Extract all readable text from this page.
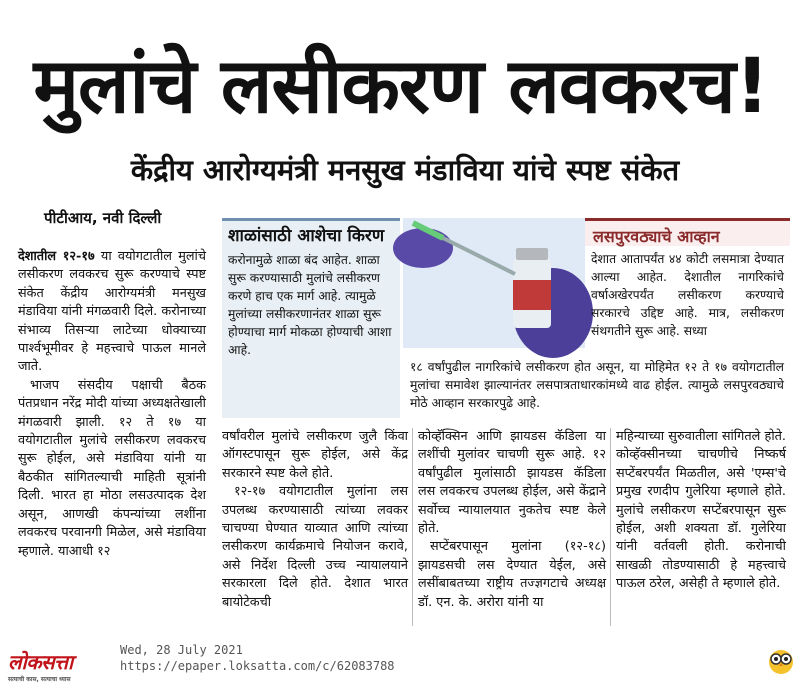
मुलांचे लसीकरण लवकरच!
केंद्रीय आरोग्यमंत्री मनसुख मंडाविया यांचे स्पष्ट संकेत
पीटीआय, नवी दिल्ली

देशातील १२-१७ या वयोगटातील मुलांचे लसीकरण लवकरच सुरू करण्याचे स्पष्ट संकेत केंद्रीय आरोग्यमंत्री मनसुख मंडाविया यांनी मंगळवारी दिले. करोनाच्या संभाव्य तिसऱ्या लाटेच्या धोक्याच्या पार्श्वभूमीवर हे महत्त्वाचे पाऊल मानले जाते.

भाजप संसदीय पक्षाची बैठक पंतप्रधान नरेंद्र मोदी यांच्या अध्यक्षतेखाली मंगळवारी झाली. १२ ते १७ या वयोगटातील मुलांचे लसीकरण लवकरच सुरू होईल, असे मंडाविया यांनी या बैठकीत सांगितल्याची माहिती सूत्रांनी दिली. भारत हा मोठा लसउत्पादक देश असून, आणखी कंपन्यांच्या लशींना लवकरच परवानगी मिळेल, असे मंडाविया म्हणाले. याआधी १२

शाळांसाठी आशेचा किरण
करोनामुळे शाळा बंद आहेत. शाळा सुरू करण्यासाठी मुलांचे लसीकरण करणे हाच एक मार्ग आहे. त्यामुळे मुलांच्या लसीकरणानंतर शाळा सुरू होण्याचा मार्ग मोकळा होण्याची आशा आहे.
लसपुरवठ्याचे आव्हान
देशात आतापर्यंत ४४ कोटी लसमात्रा देण्यात आल्या आहेत. देशातील नागरिकांचे वर्षाअखेरपर्यंत लसीकरण करण्याचे सरकारचे उद्दिष्ट आहे. मात्र, लसीकरण संथगतीने सुरू आहे. सध्या
१८ वर्षांपुढील नागरिकांचे लसीकरण होत असून, या मोहिमेत १२ ते १७ वयोगटातील मुलांचा समावेश झाल्यानंतर लसपात्रताधारकांमध्ये वाढ होईल. त्यामुळे लसपुरवठ्याचे मोठे आव्हान सरकारपुढे आहे.

वर्षांवरील मुलांचे लसीकरण जुलै किंवा ऑगस्टपासून सुरू होईल, असे केंद्र सरकारने स्पष्ट केले होते.

१२-१७ वयोगटातील मुलांना लस उपलब्ध करण्यासाठी त्यांच्या लवकर चाचण्या घेण्यात याव्यात आणि त्यांच्या लसीकरण कार्यक्रमाचे नियोजन करावे, असे निर्देश दिल्ली उच्च न्यायालयाने सरकारला दिले होते. देशात भारत बायोटेकची

कोव्हॅक्सिन आणि झायडस कॅडिला या लशींची मुलांवर चाचणी सुरू आहे. १२ वर्षांपुढील मुलांसाठी झायडस कॅडिला लस लवकरच उपलब्ध होईल, असे केंद्राने सर्वोच्च न्यायालयात नुकतेच स्पष्ट केले होते.

सप्टेंबरपासून मुलांना (१२-१८) झायडसची लस देण्यात येईल, असे लसींबाबतच्या राष्ट्रीय तज्ज्ञगटाचे अध्यक्ष डॉ. एन. के. अरोरा यांनी या

महिन्याच्या सुरुवातीला सांगितले होते. कोव्हॅक्सीनच्या चाचणीचे निष्कर्ष सप्टेंबरपर्यंत मिळतील, असे 'एम्स'चे प्रमुख रणदीप गुलेरिया म्हणाले होते. मुलांचे लसीकरण सप्टेंबरपासून सुरू होईल, अशी शक्यता डॉ. गुलेरिया यांनी वर्तवली होती. करोनाची साखळी तोडण्यासाठी हे महत्त्वाचे पाऊल ठरेल, असेही ते म्हणाले होते.

लोकसत्ता
सत्याची कास, सत्याचा ध्यास
Wed, 28 July 2021
https://epaper.loksatta.com/c/62083788
